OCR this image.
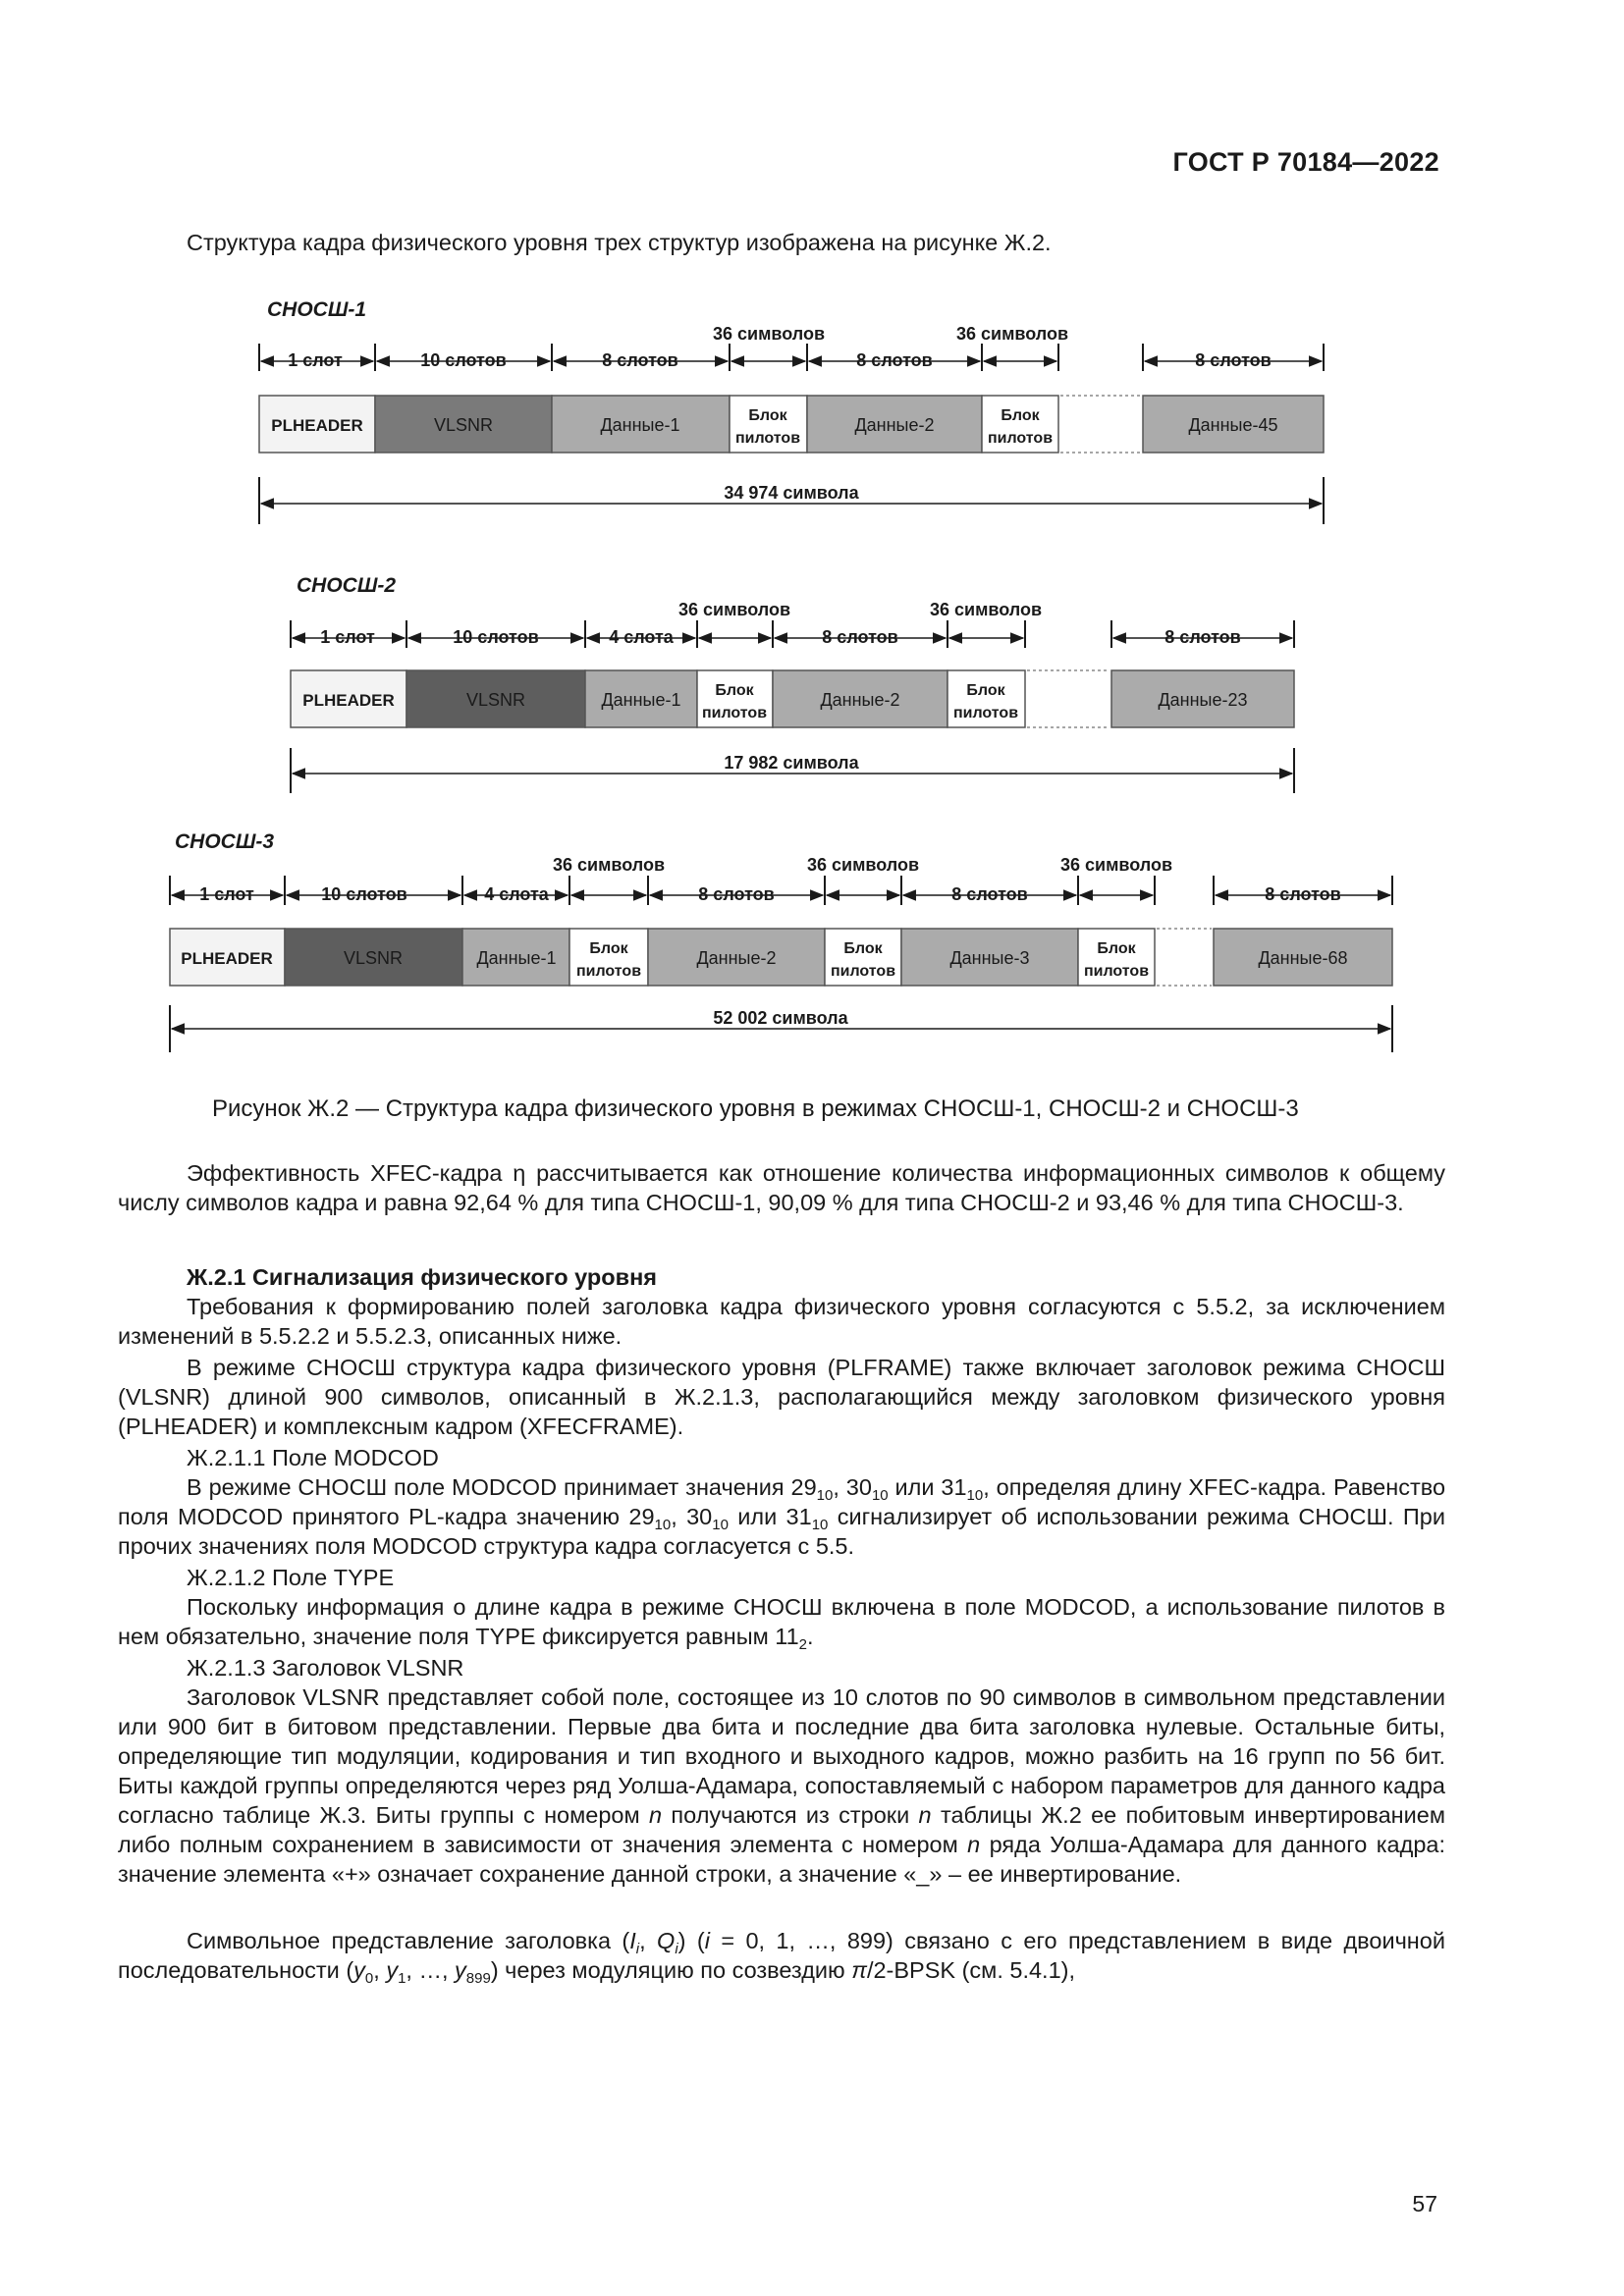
ГОСТ Р 70184—2022

Структура кадра физического уровня трех структур изображена на рисунке Ж.2.

СНОСШ-1
1 слот	10 слотов	8 слотов	8 слотов	8 слотов
36 символов	36 символов
PLHEADER	VLSNR	Данные-1	Блок
пилотов
Данные-2	Блок
пилотов
Данные-45
34 974 символа
СНОСШ-2
1 слот	10 слотов	4 слота	8 слотов	8 слотов
36 символов	36 символов
PLHEADER	VLSNR	Данные-1 Блок
пилотов
Данные-2	Блок
пилотов
Данные-23
17 982 символа
СНОСШ-3
1 слот	10 слотов	4 слота	8 слотов	8 слотов	8 слотов
36 символов	36 символов	36 символов
PLHEADER	VLSNR	Данные-1 Блок
пилотов
Данные-2	Блок
пилотов
Данные-3	Блок
пилотов
Данные-68
52 002 символа
Рисунок Ж.2 — Структура кадра физического уровня в режимах СНОСШ-1, СНОСШ-2 и СНОСШ-3

Эффективность XFEC-кадра η рассчитывается как отношение количества информационных символов к общему числу символов кадра и равна 92,64 % для типа СНОСШ-1, 90,09 % для типа СНОСШ-2 и 93,46 % для типа СНОСШ-3.

Ж.2.1 Сигнализация физического уровня

Требования к формированию полей заголовка кадра физического уровня согласуются с 5.5.2, за исключением изменений в 5.5.2.2 и 5.5.2.3, описанных ниже.

В режиме СНОСШ структура кадра физического уровня (PLFRAME) также включает заголовок режима СНОСШ (VLSNR) длиной 900 символов, описанный в Ж.2.1.3, располагающийся между заголовком физического уровня (PLHEADER) и комплексным кадром (XFECFRAME).

Ж.2.1.1 Поле MODCOD

В режиме СНОСШ поле MODCOD принимает значения $29_{10}$, $30_{10}$ или $31_{10}$, определяя длину XFEC-кадра. Равенство поля MODCOD принятого PL-кадра значению $29_{10}$, $30_{10}$ или $31_{10}$ сигнализирует об использовании режима СНОСШ. При прочих значениях поля MODCOD структура кадра согласуется с 5.5.

Ж.2.1.2 Поле TYPE

Поскольку информация о длине кадра в режиме СНОСШ включена в поле MODCOD, а использование пилотов в нем обязательно, значение поля TYPE фиксируется равным $11_2$.

Ж.2.1.3 Заголовок VLSNR

Заголовок VLSNR представляет собой поле, состоящее из 10 слотов по 90 символов в символьном представлении или 900 бит в битовом представлении. Первые два бита и последние два бита заголовка нулевые. Остальные биты, определяющие тип модуляции, кодирования и тип входного и выходного кадров, можно разбить на 16 групп по 56 бит. Биты каждой группы определяются через ряд Уолша-Адамара, сопоставляемый с набором параметров для данного кадра согласно таблице Ж.3. Биты группы с номером n получаются из строки n таблицы Ж.2 ее побитовым инвертированием либо полным сохранением в зависимости от значения элемента с номером n ряда Уолша-Адамара для данного кадра: значение элемента «+» означает сохранение данной строки, а значение «_» – ее инвертирование.

Символьное представление заголовка ($I_i$, $Q_i$) (i = 0, 1, …, 899) связано с его представлением в виде двоичной последовательности ($y_0$, $y_1$, …, $y_{899}$) через модуляцию по созвездию π/2-BPSK (см. 5.4.1),

57
